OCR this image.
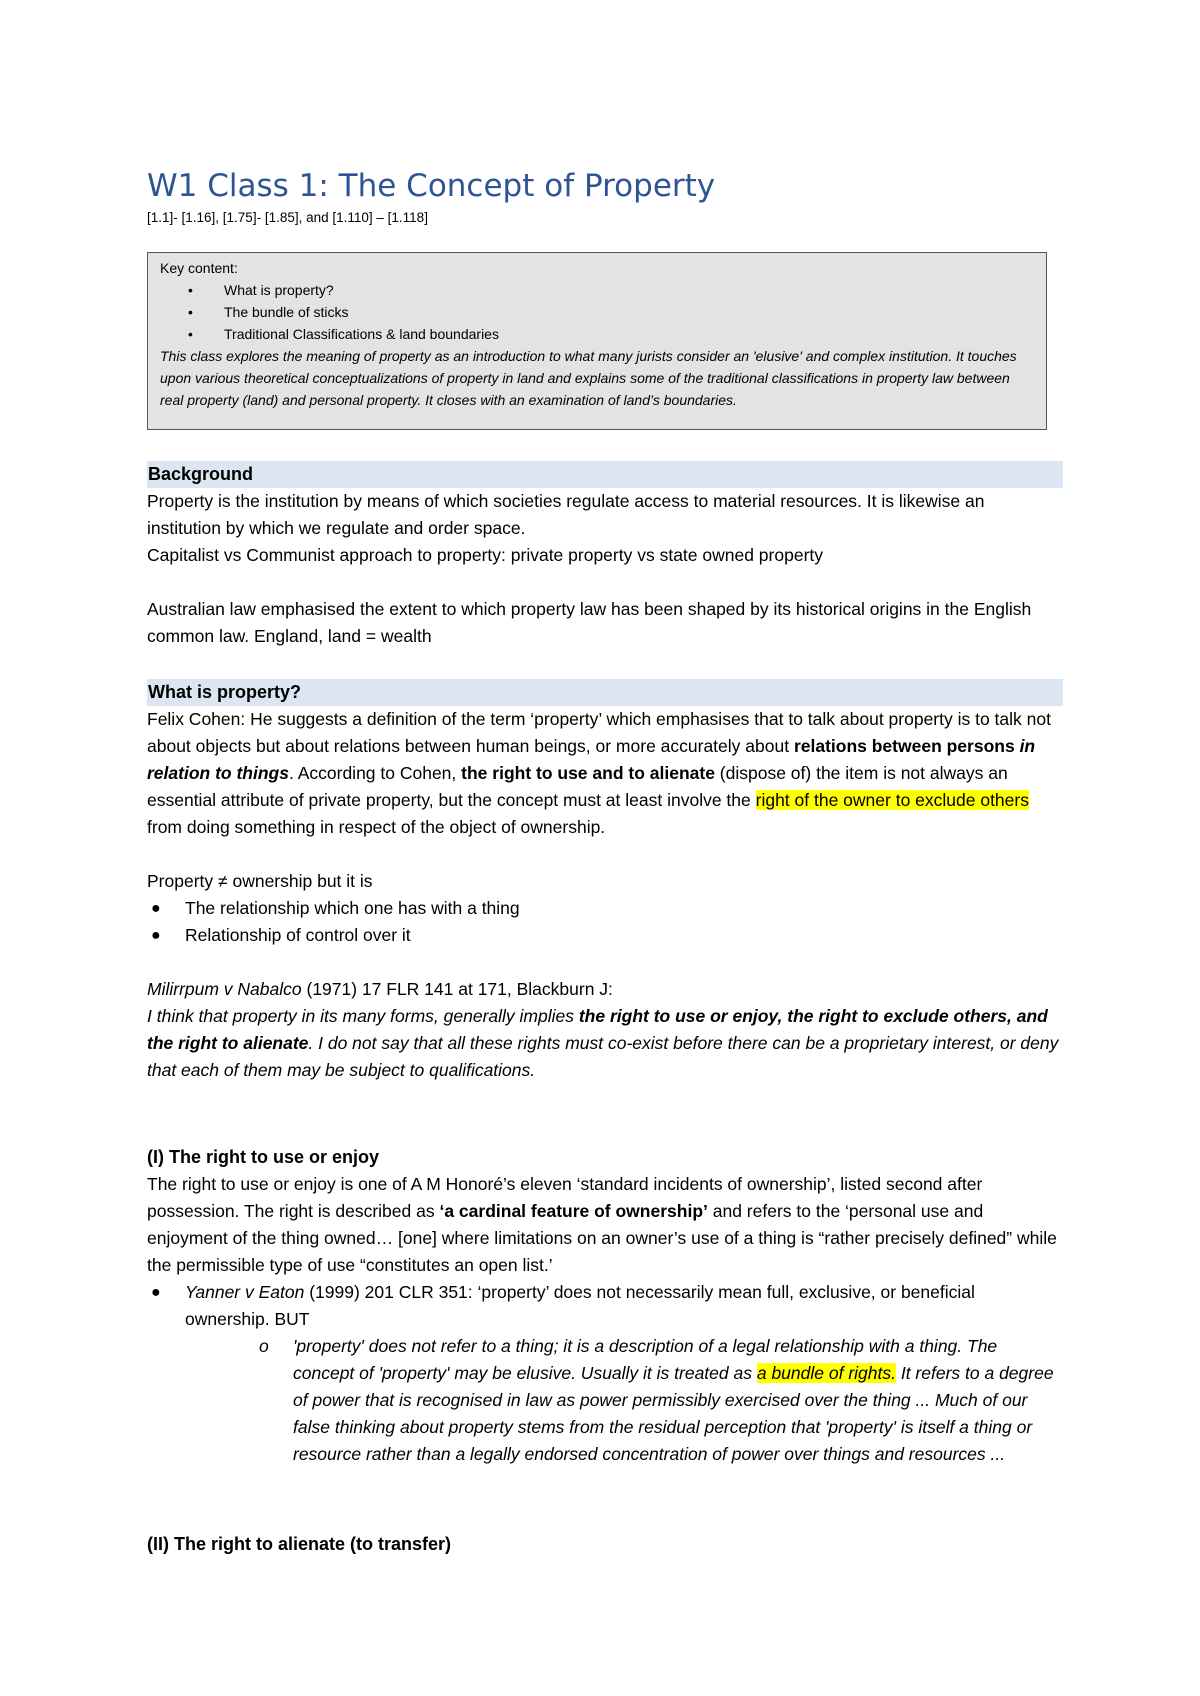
W1 Class 1: The Concept of Property
[1.1]- [1.16], [1.75]- [1.85], and [1.110] – [1.118]
Key content:
• What is property?
• The bundle of sticks
• Traditional Classifications & land boundaries
This class explores the meaning of property as an introduction to what many jurists consider an 'elusive' and complex institution. It touches upon various theoretical conceptualizations of property in land and explains some of the traditional classifications in property law between real property (land) and personal property. It closes with an examination of land’s boundaries.
Background

Property is the institution by means of which societies regulate access to material resources. It is likewise an institution by which we regulate and order space.

Capitalist vs Communist approach to property: private property vs state owned property

Australian law emphasised the extent to which property law has been shaped by its historical origins in the English common law. England, land = wealth

What is property?

Felix Cohen: He suggests a definition of the term ‘property’ which emphasises that to talk about property is to talk not about objects but about relations between human beings, or more accurately about relations between persons in relation to things. According to Cohen, the right to use and to alienate (dispose of) the item is not always an essential attribute of private property, but the concept must at least involve the right of the owner to exclude others from doing something in respect of the object of ownership.

Property ≠ ownership but it is

● The relationship which one has with a thing
● Relationship of control over it

Milirrpum v Nabalco (1971) 17 FLR 141 at 171, Blackburn J:

I think that property in its many forms, generally implies the right to use or enjoy, the right to exclude others, and the right to alienate. I do not say that all these rights must co-exist before there can be a proprietary interest, or deny that each of them may be subject to qualifications.

(I) The right to use or enjoy

The right to use or enjoy is one of A M Honoré’s eleven ‘standard incidents of ownership’, listed second after possession. The right is described as ‘a cardinal feature of ownership’ and refers to the ‘personal use and enjoyment of the thing owned… [one] where limitations on an owner’s use of a thing is “rather precisely defined” while the permissible type of use “constitutes an open list.’

● Yanner v Eaton (1999) 201 CLR 351: ‘property’ does not necessarily mean full, exclusive, or beneficial ownership. BUT
o 'property' does not refer to a thing; it is a description of a legal relationship with a thing. The concept of 'property' may be elusive. Usually it is treated as a bundle of rights. It refers to a degree of power that is recognised in law as power permissibly exercised over the thing ... Much of our false thinking about property stems from the residual perception that 'property' is itself a thing or resource rather than a legally endorsed concentration of power over things and resources ...
(II) The right to alienate (to transfer)
